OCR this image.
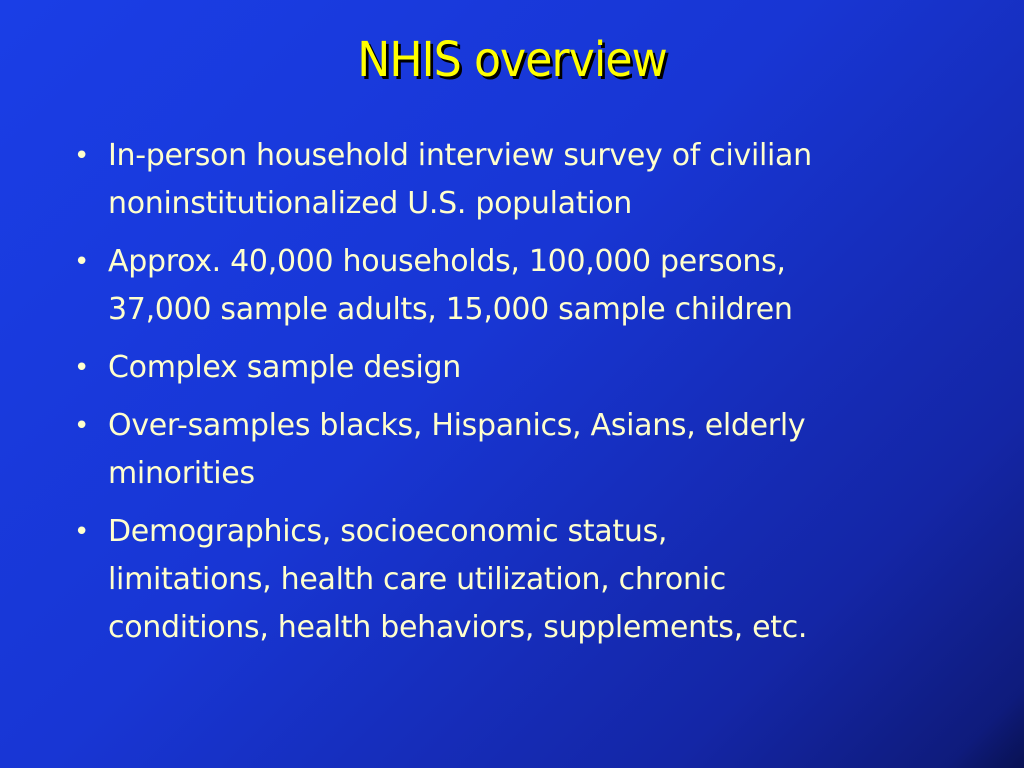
NHIS overview
• In-person household interview survey of civilian
noninstitutionalized U.S. population
• Approx. 40,000 households, 100,000 persons,
37,000 sample adults, 15,000 sample children
• Complex sample design
• Over-samples blacks, Hispanics, Asians, elderly
minorities
• Demographics, socioeconomic status,
limitations, health care utilization, chronic
conditions, health behaviors, supplements, etc.
